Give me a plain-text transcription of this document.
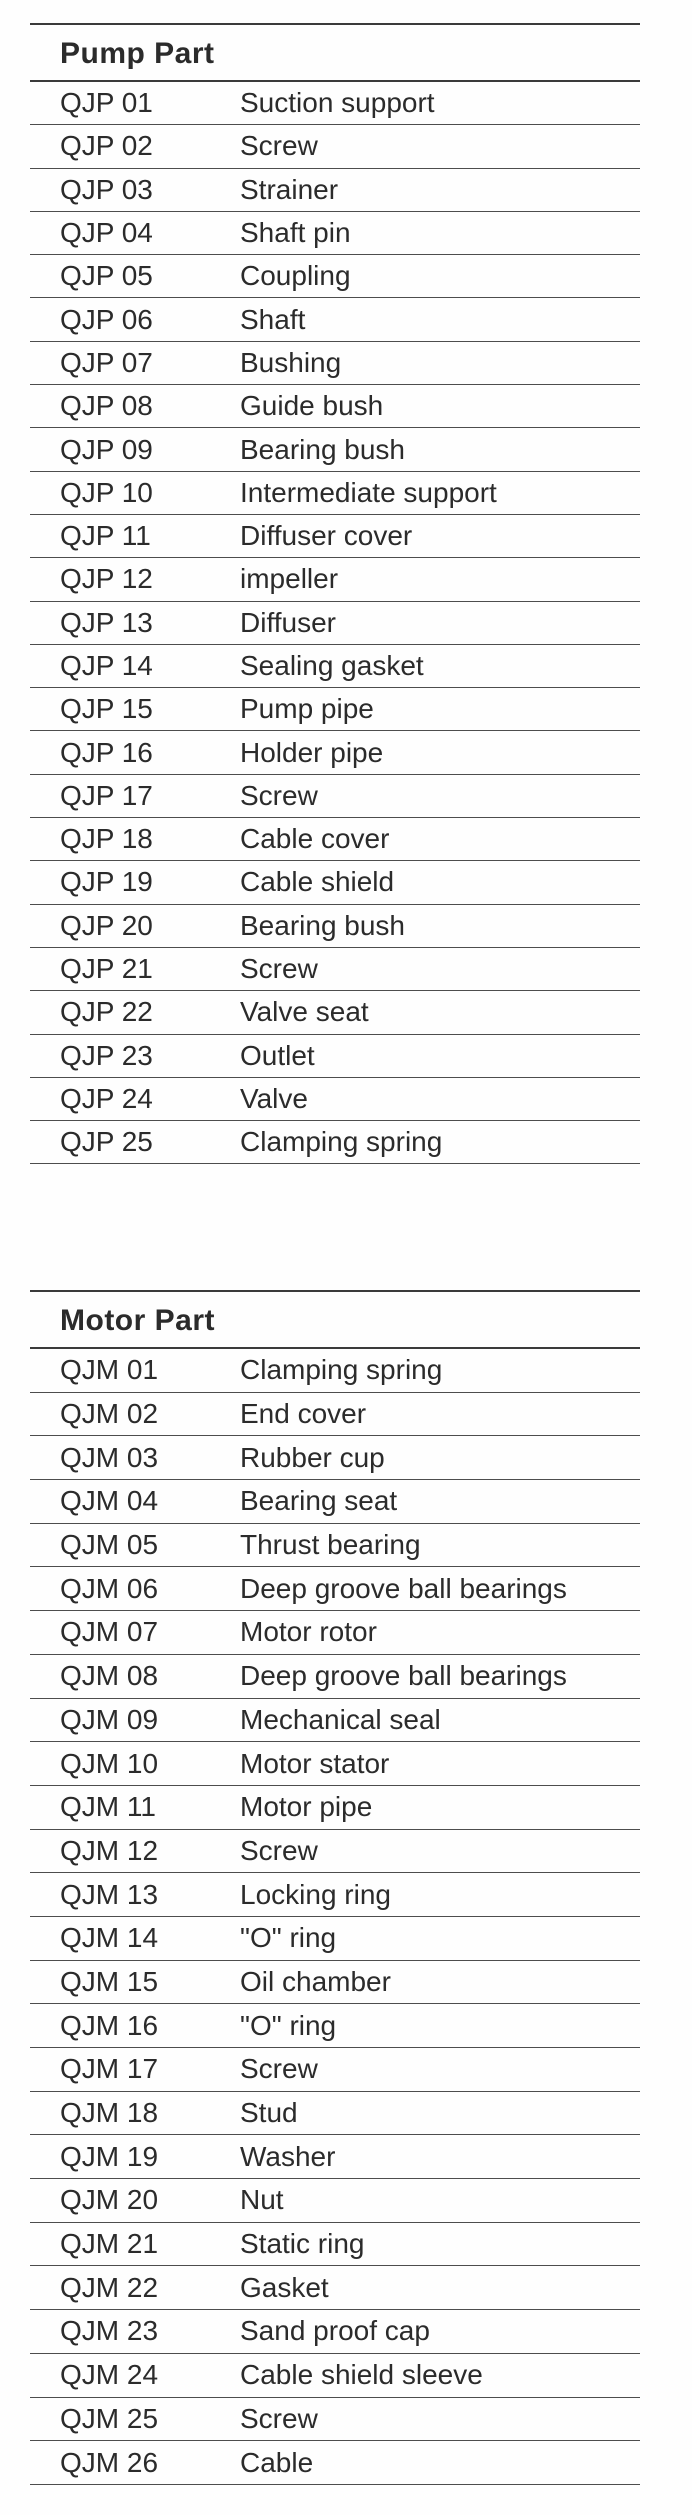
Pump Part
QJP 01	Suction support
QJP 02	Screw
QJP 03	Strainer
QJP 04	Shaft pin
QJP 05	Coupling
QJP 06	Shaft
QJP 07	Bushing
QJP 08	Guide bush
QJP 09	Bearing bush
QJP 10	Intermediate support
QJP 11	Diffuser cover
QJP 12	impeller
QJP 13	Diffuser
QJP 14	Sealing gasket
QJP 15	Pump pipe
QJP 16	Holder pipe
QJP 17	Screw
QJP 18	Cable cover
QJP 19	Cable shield
QJP 20	Bearing bush
QJP 21	Screw
QJP 22	Valve seat
QJP 23	Outlet
QJP 24	Valve
QJP 25	Clamping spring
Motor Part
QJM 01	Clamping spring
QJM 02	End cover
QJM 03	Rubber cup
QJM 04	Bearing seat
QJM 05	Thrust bearing
QJM 06	Deep groove ball bearings
QJM 07	Motor rotor
QJM 08	Deep groove ball bearings
QJM 09	Mechanical seal
QJM 10	Motor stator
QJM 11	Motor pipe
QJM 12	Screw
QJM 13	Locking ring
QJM 14	"O" ring
QJM 15	Oil chamber
QJM 16	"O" ring
QJM 17	Screw
QJM 18	Stud
QJM 19	Washer
QJM 20	Nut
QJM 21	Static ring
QJM 22	Gasket
QJM 23	Sand proof cap
QJM 24	Cable shield sleeve
QJM 25	Screw
QJM 26	Cable
